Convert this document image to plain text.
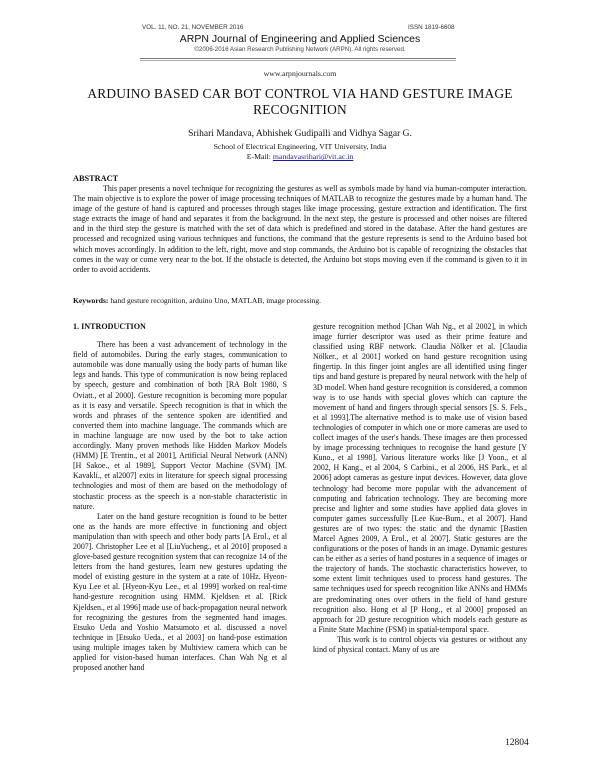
VOL. 11, NO. 21, NOVEMBER 2016	ISSN 1819-6608
ARPN Journal of Engineering and Applied Sciences
©2006-2016 Asian Research Publishing Network (ARPN). All rights reserved.
www.arpnjournals.com
ARDUINO BASED CAR BOT CONTROL VIA HAND GESTURE IMAGE RECOGNITION
Srihari Mandava, Abhishek Gudipalli and Vidhya Sagar G.
School of Electrical Engineering, VIT University, India
E-Mail: mandavasrihari@vit.ac.in
ABSTRACT
This paper presents a novel technique for recognizing the gestures as well as symbols made by hand via human-computer interaction. The main objective is to explore the power of image processing techniques of MATLAB to recognize the gestures made by a human hand. The image of the gesture of hand is captured and processes through stages like image processing, gesture extraction and identification. The first stage extracts the image of hand and separates it from the background. In the next step, the gesture is processed and other noises are filtered and in the third step the gesture is matched with the set of data which is predefined and stored in the database. After the hand gestures are processed and recognized using various techniques and functions, the command that the gesture represents is send to the Arduino based bot which moves accordingly. In addition to the left, right, move and stop commands, the Arduino bot is capable of recognizing the obstacles that comes in the way or come very near to the bot. If the obstacle is detected, the Arduino bot stops moving even if the command is given to it in order to avoid accidents.
Keywords: hand gesture recognition, arduino Uno, MATLAB, image processing.
1. INTRODUCTION

There has been a vast advancement of technology in the field of automobiles. During the early stages, communication to automobile was done manually using the body parts of human like legs and hands. This type of communication is now being replaced by speech, gesture and combination of both [RA Bolt 1980, S Oviatt., et al 2000]. Gesture recognition is becoming more popular as it is easy and versatile. Speech recognition is that in which the words and phrases of the sentence spoken are identified and converted them into machine language. The commands which are in machine language are now used by the bot to take action accordingly. Many proven methods like Hidden Markov Models (HMM) [E Trentin., et al 2001], Artificial Neural Network (ANN) [H Sakoe., et al 1989], Support Vector Machine (SVM) [M. Kavakli., et al2007] exits in literature for speech signal processing technologies and most of them are based on the methodology of stochastic process as the speech is a non-stable characteristic in nature.

Later on the hand gesture recognition is found to be better one as the hands are more effective in functioning and object manipulation than with speech and other body parts [A Erol., et al 2007]. Christopher Lee et al [LiuYucheng., et al 2010] proposed a glove-based gesture recognition system that can recognize 14 of the letters from the hand gestures, learn new gestures updating the model of existing gesture in the system at a rate of 10Hz. Hyeon-Kyu Lee et al. [Hyeon-Kyu Lee., et al 1999] worked on real-time hand-gesture recognition using HMM. Kjeldsen et al. [Rick Kjeldsen., et al 1996] made use of back-propagation neural network for recognizing the gestures from the segmented hand images. Etsuko Ueda and Yoshio Matsumoto et al. discussed a novel technique in [Etsuko Ueda., et al 2003] on hand-pose estimation using multiple images taken by Multiview camera which can be applied for vision-based human interfaces. Chan Wah Ng et al proposed another hand

gesture recognition method [Chan Wah Ng., et al 2002], in which image furrier descriptor was used as their prime feature and classified using RBF network. Claudia Nölker et al. [Claudia Nölker., et al 2001] worked on hand gesture recognition using fingertip. In this finger joint angles are all identified using finger tips and hand gesture is prepared by neural network with the help of 3D model. When hand gesture recognition is considered, a common way is to use hands with special gloves which can capture the movement of hand and fingers through special sensors [S. S. Fels., et al 1993].The alternative method is to make use of vision based technologies of computer in which one or more cameras are used to collect images of the user's hands. These images are then processed by image processing techniques to recognise the hand gesture [Y Kuno., et al 1998]. Various literature works like [J Yoon., et al 2002, H Kang., et al 2004, S Carbini., et al 2006, HS Park., et al 2006] adopt cameras as gesture input devices. However, data glove technology had become more popular with the advancement of computing and fabrication technology. They are becoming more precise and lighter and some studies have applied data gloves in computer games successfully [Lee Kue-Bum., et al 2007]. Hand gestures are of two types: the static and the dynamic [Bastien Marcel Agnes 2009, A Erol., et al 2007]. Static gestures are the configurations or the poses of hands in an image. Dynamic gestures can be either as a series of hand postures in a sequence of images or the trajectory of hands. The stochastic characteristics however, to some extent limit techniques used to process hand gestures. The same techniques used for speech recognition like ANNs and HMMs are predominating ones over others in the field of hand gesture recognition also. Hong et al [P Hong., et al 2000] proposed an approach for 2D gesture recognition which models each gesture as a Finite State Machine (FSM) in spatial-temporal space.

This work is to control objects via gestures or without any kind of physical contact. Many of us are

12804
